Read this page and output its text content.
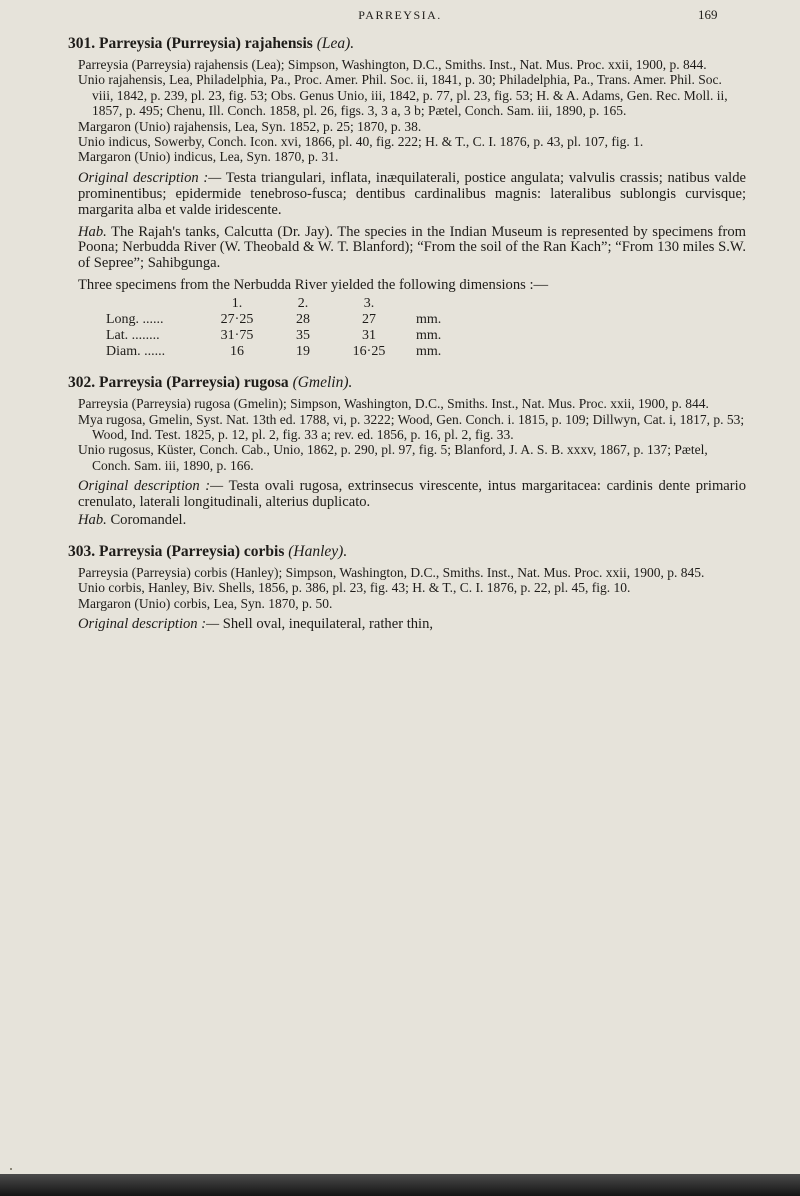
PARREYSIA.	169
301. Parreysia (Purreysia) rajahensis (Lea).

Parreysia (Parreysia) rajahensis (Lea); Simpson, Washington, D.C., Smiths. Inst., Nat. Mus. Proc. xxii, 1900, p. 844.

Unio rajahensis, Lea, Philadelphia, Pa., Proc. Amer. Phil. Soc. ii, 1841, p. 30; Philadelphia, Pa., Trans. Amer. Phil. Soc. viii, 1842, p. 239, pl. 23, fig. 53; Obs. Genus Unio, iii, 1842, p. 77, pl. 23, fig. 53; H. & A. Adams, Gen. Rec. Moll. ii, 1857, p. 495; Chenu, Ill. Conch. 1858, pl. 26, figs. 3, 3 a, 3 b; Pætel, Conch. Sam. iii, 1890, p. 165.

Margaron (Unio) rajahensis, Lea, Syn. 1852, p. 25; 1870, p. 38.

Unio indicus, Sowerby, Conch. Icon. xvi, 1866, pl. 40, fig. 222; H. & T., C. I. 1876, p. 43, pl. 107, fig. 1.

Margaron (Unio) indicus, Lea, Syn. 1870, p. 31.

Original description :— Testa triangulari, inflata, inæquilaterali, postice angulata; valvulis crassis; natibus valde prominentibus; epidermide tenebroso-fusca; dentibus cardinalibus magnis: lateralibus sublongis curvisque; margarita alba et valde iridescente.
Hab. The Rajah's tanks, Calcutta (Dr. Jay). The species in the Indian Museum is represented by specimens from Poona; Nerbudda River (W. Theobald & W. T. Blanford); “From the soil of the Ran Kach”; “From 130 miles S.W. of Sepree”; Sahibgunga.
Three specimens from the Nerbudda River yielded the following dimensions :—
	1.	2.	3.	
Long. ......	27·25	28	27	mm.
Lat. ........	31·75	35	31	mm.
Diam. ......	16	19	16·25	mm.
302. Parreysia (Parreysia) rugosa (Gmelin).

Parreysia (Parreysia) rugosa (Gmelin); Simpson, Washington, D.C., Smiths. Inst., Nat. Mus. Proc. xxii, 1900, p. 844.

Mya rugosa, Gmelin, Syst. Nat. 13th ed. 1788, vi, p. 3222; Wood, Gen. Conch. i. 1815, p. 109; Dillwyn, Cat. i, 1817, p. 53; Wood, Ind. Test. 1825, p. 12, pl. 2, fig. 33 a; rev. ed. 1856, p. 16, pl. 2, fig. 33.

Unio rugosus, Küster, Conch. Cab., Unio, 1862, p. 290, pl. 97, fig. 5; Blanford, J. A. S. B. xxxv, 1867, p. 137; Pætel, Conch. Sam. iii, 1890, p. 166.

Original description :— Testa ovali rugosa, extrinsecus virescente, intus margaritacea: cardinis dente primario crenulato, laterali longitudinali, alterius duplicato.
Hab. Coromandel.
303. Parreysia (Parreysia) corbis (Hanley).

Parreysia (Parreysia) corbis (Hanley); Simpson, Washington, D.C., Smiths. Inst., Nat. Mus. Proc. xxii, 1900, p. 845.

Unio corbis, Hanley, Biv. Shells, 1856, p. 386, pl. 23, fig. 43; H. & T., C. I. 1876, p. 22, pl. 45, fig. 10.

Margaron (Unio) corbis, Lea, Syn. 1870, p. 50.

Original description :— Shell oval, inequilateral, rather thin,
